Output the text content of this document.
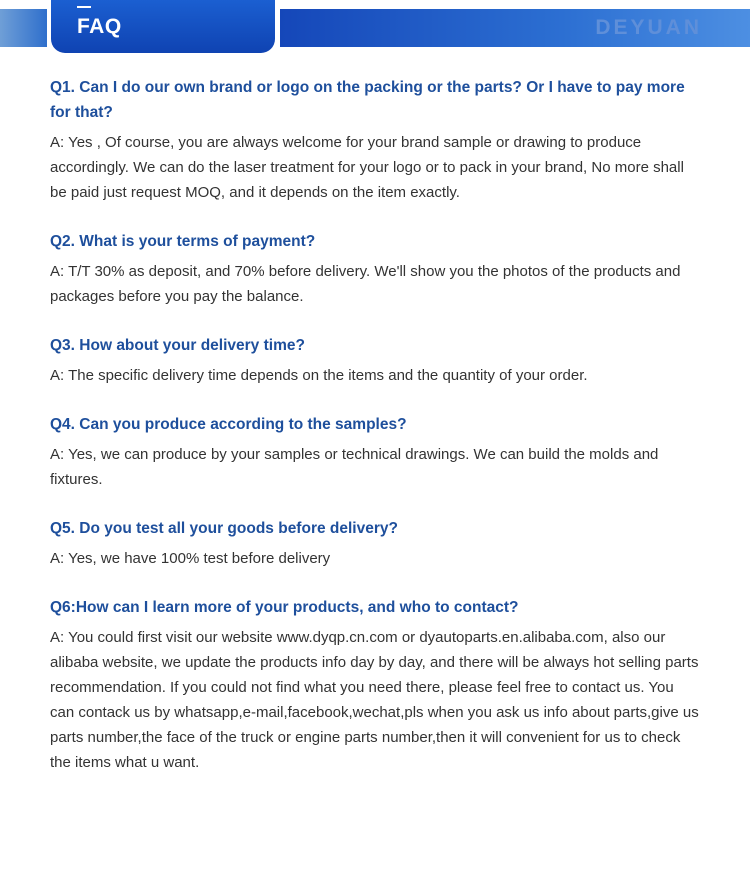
FAQ	DEYUAN

Q1. Can I do our own brand or logo on the packing or the parts? Or I have to pay more for that?

A: Yes , Of course, you are always welcome for your brand sample or drawing to produce accordingly. We can do the laser treatment for your logo or to pack in your brand, No more shall be paid just request MOQ, and it depends on the item exactly.

Q2. What is your terms of payment?

A: T/T 30% as deposit, and 70% before delivery. We'll show you the photos of the products and packages before you pay the balance.

Q3. How about your delivery time?

A: The specific delivery time depends on the items and the quantity of your order.

Q4. Can you produce according to the samples?

A: Yes, we can produce by your samples or technical drawings. We can build the molds and fixtures.

Q5. Do you test all your goods before delivery?

A: Yes, we have 100% test before delivery

Q6:How can I learn more of your products, and who to contact?

A: You could first visit our website www.dyqp.cn.com or dyautoparts.en.alibaba.com, also our alibaba website, we update the products info day by day, and there will be always hot selling parts recommendation. If you could not find what you need there, please feel free to contact us. You can contack us by whatsapp,e-mail,facebook,wechat,pls when you ask us info about parts,give us parts number,the face of the truck or engine parts number,then it will convenient for us to check the items what u want.
